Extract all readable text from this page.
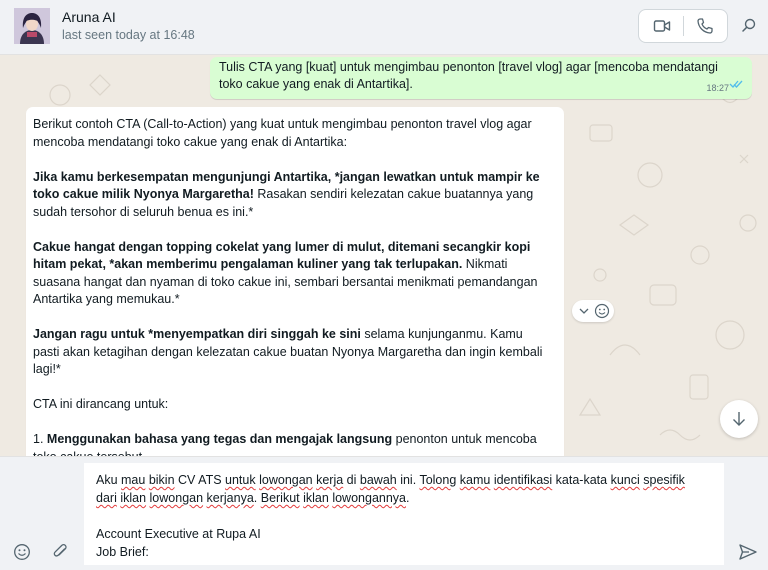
Aruna AI
last seen today at 16:48
Tulis CTA yang [kuat] untuk mengimbau penonton [travel vlog] agar [mencoba mendatangi toko cakue yang enak di Antartika].	18:27

Berikut contoh CTA (Call-to-Action) yang kuat untuk mengimbau penonton travel vlog agar mencoba mendatangi toko cakue yang enak di Antartika:

Jika kamu berkesempatan mengunjungi Antartika, *jangan lewatkan untuk mampir ke toko cakue milik Nyonya Margaretha! Rasakan sendiri kelezatan cakue buatannya yang sudah tersohor di seluruh benua es ini.*

Cakue hangat dengan topping cokelat yang lumer di mulut, ditemani secangkir kopi hitam pekat, *akan memberimu pengalaman kuliner yang tak terlupakan. Nikmati suasana hangat dan nyaman di toko cakue ini, sembari bersantai menikmati pemandangan Antartika yang memukau.*

Jangan ragu untuk *menyempatkan diri singgah ke sini selama kunjunganmu. Kamu pasti akan ketagihan dengan kelezatan cakue buatan Nyonya Margaretha dan ingin kembali lagi!*

CTA ini dirancang untuk:

1. Menggunakan bahasa yang tegas dan mengajak langsung penonton untuk mencoba

Aku mau bikin CV ATS untuk lowongan kerja di bawah ini. Tolong kamu identifikasi kata-kata kunci spesifik
dari iklan lowongan kerjanya. Berikut iklan lowongannya.

Account Executive at Rupa AI
Job Brief:
